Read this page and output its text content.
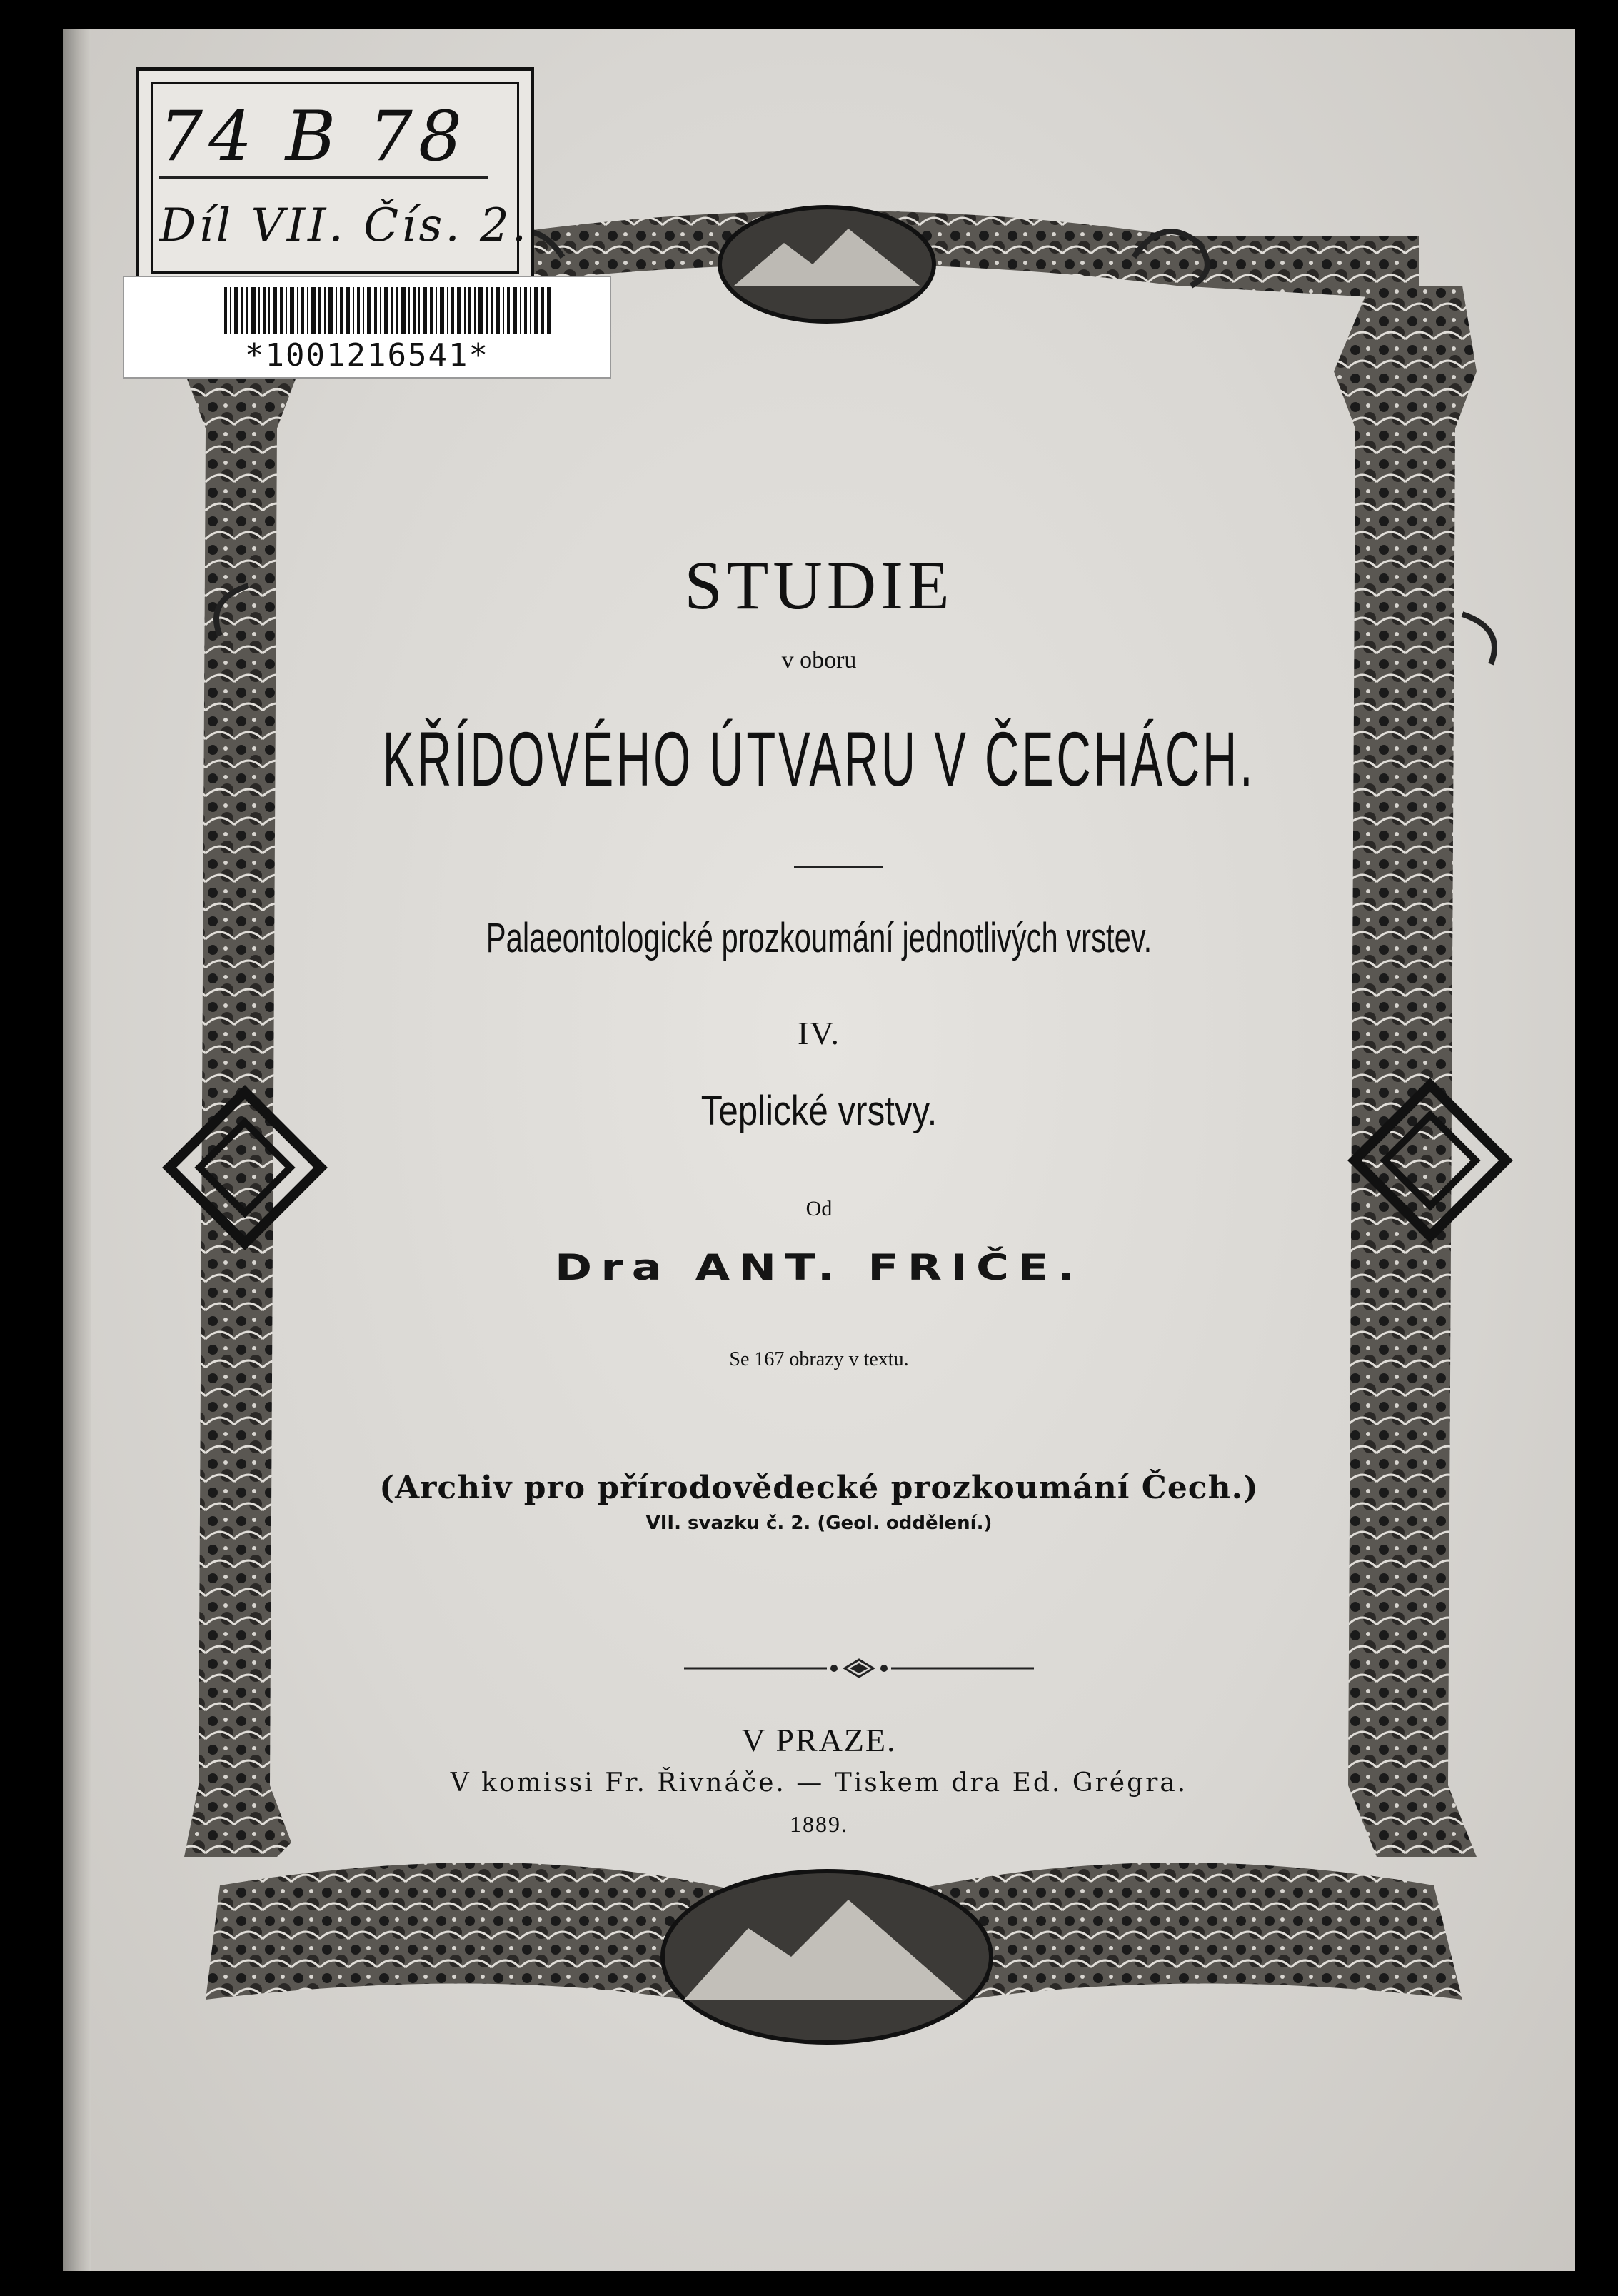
74 B 78
Díl VII. Čís. 2.
*1001216541*
STUDIE
v oboru
KŘÍDOVÉHO ÚTVARU V ČECHÁCH.
Palaeontologické prozkoumání jednotlivých vrstev.
IV.
Teplické vrstvy.
Od
Dra ANT. FRIČE.
Se 167 obrazy v textu.
(Archiv pro přírodovědecké prozkoumání Čech.)
VII. svazku č. 2. (Geol. oddělení.)
V PRAZE.
V komissi Fr. Řivnáče. — Tiskem dra Ed. Grégra.
1889.
